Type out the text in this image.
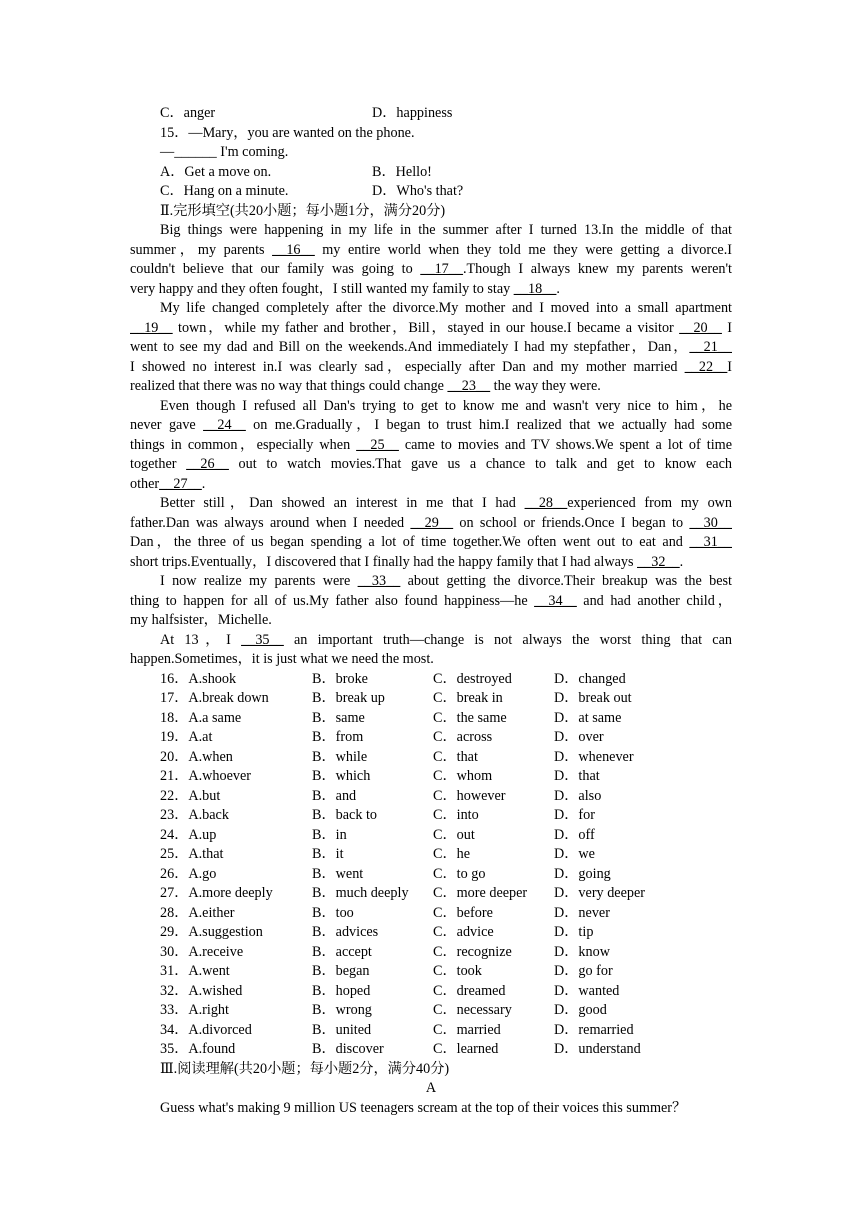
C．anger	D．happiness
15．—Mary，you are wanted on the phone.
—______ I'm coming.
A．Get a move on.	B．Hello!
C．Hang on a minute.	D．Who's that?
Ⅱ.完形填空(共20小题；每小题1分，满分20分)
Big things were happening in my life in the summer after I turned 13.In the middle of that
summer，my parents __16__ my entire world when they told me they were getting a divorce.I
couldn't believe that our family was going to __17__.Though I always knew my parents weren't
very happy and they often fought，I still wanted my family to stay __18__.
My life changed completely after the divorce.My mother and I moved into a small apartment
__19__ town，while my father and brother，Bill，stayed in our house.I became a visitor __20__ I
went to see my dad and Bill on the weekends.And immediately I had my stepfather，Dan，__21__
I showed no interest in.I was clearly sad，especially after Dan and my mother married __22__I
realized that there was no way that things could change __23__ the way they were.
Even though I refused all Dan's trying to get to know me and wasn't very nice to him，he
never gave __24__ on me.Gradually，I began to trust him.I realized that we actually had some
things in common，especially when __25__ came to movies and TV shows.We spent a lot of time
together __26__ out to watch movies.That gave us a chance to talk and get to know each
other__27__.
Better still，Dan showed an interest in me that I had __28__experienced from my own
father.Dan was always around when I needed __29__ on school or friends.Once I began to __30__
Dan，the three of us began spending a lot of time together.We often went out to eat and __31__
short trips.Eventually，I discovered that I finally had the happy family that I had always __32__.
I now realize my parents were __33__ about getting the divorce.Their breakup was the best
thing to happen for all of us.My father also found happiness—he __34__ and had another child，
my halfsister，Michelle.
At 13，I __35__ an important truth—change is not always the worst thing that can
happen.Sometimes，it is just what we need the most.
16．A.shook	B．broke	C．destroyed	D．changed
17．A.break down	B．break up	C．break in	D．break out
18．A.a same	B．same	C．the same	D．at same
19．A.at	B．from	C．across	D．over
20．A.when	B．while	C．that	D．whenever
21．A.whoever	B．which	C．whom	D．that
22．A.but	B．and	C．however	D．also
23．A.back	B．back to	C．into	D．for
24．A.up	B．in	C．out	D．off
25．A.that	B．it	C．he	D．we
26．A.go	B．went	C．to go	D．going
27．A.more deeply	B．much deeply	C．more deeper	D．very deeper
28．A.either	B．too	C．before	D．never
29．A.suggestion	B．advices	C．advice	D．tip
30．A.receive	B．accept	C．recognize	D．know
31．A.went	B．began	C．took	D．go for
32．A.wished	B．hoped	C．dreamed	D．wanted
33．A.right	B．wrong	C．necessary	D．good
34．A.divorced	B．united	C．married	D．remarried
35．A.found	B．discover	C．learned	D．understand
Ⅲ.阅读理解(共20小题；每小题2分，满分40分)
A
Guess what's making 9 million US teenagers scream at the top of their voices this summer？
